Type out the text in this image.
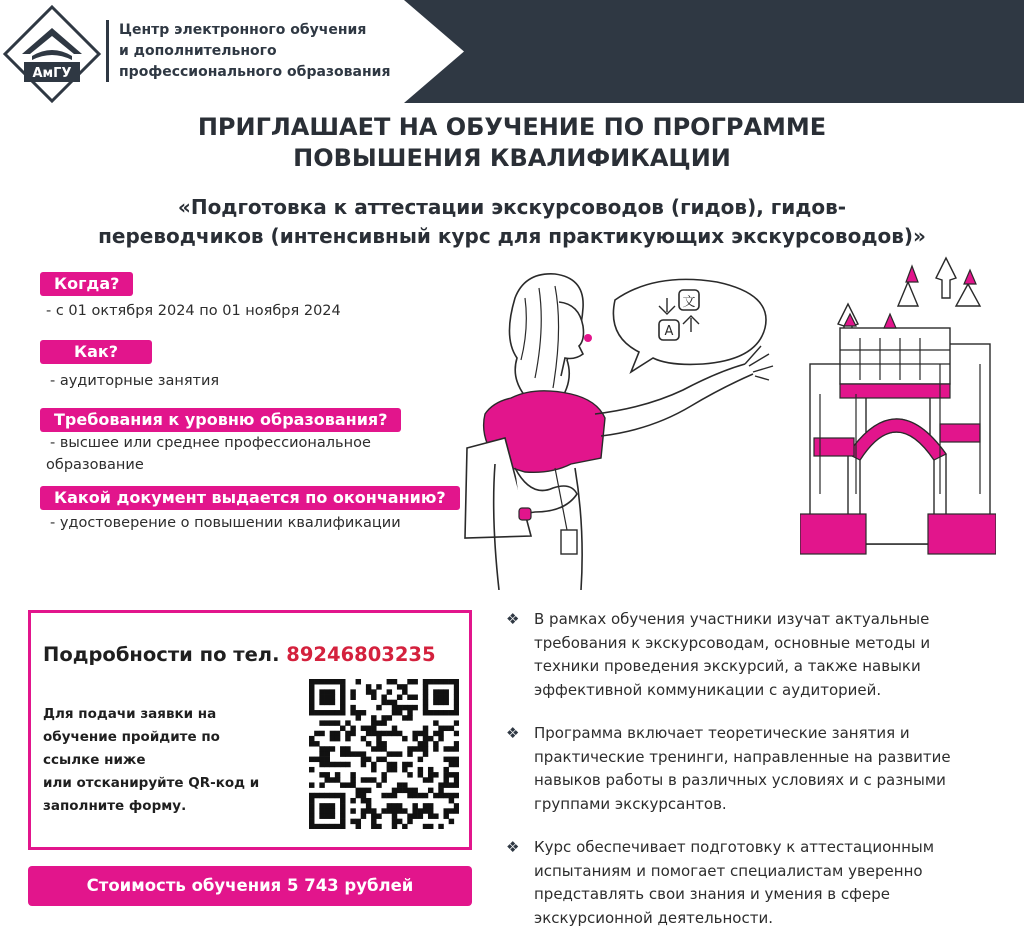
АмГУ
Центр электронного обучения
и дополнительного
профессионального образования
ПРИГЛАШАЕТ НА ОБУЧЕНИЕ ПО ПРОГРАММЕ
ПОВЫШЕНИЯ КВАЛИФИКАЦИИ
«Подготовка к аттестации экскурсоводов (гидов), гидов-
переводчиков (интенсивный курс для практикующих экскурсоводов)»
Когда?
- с 01 октября 2024 по 01 ноября 2024
Как?
- аудиторные занятия
Требования к уровню образования?
- высшее или среднее профессиональное
образование
Какой документ выдается по окончанию?
- удостоверение о повышении квалификации
文
A
Подробности по тел. 89246803235
Для подачи заявки на
обучение пройдите по
ссылке ниже
или отсканируйте QR-код и
заполните форму.
Стоимость обучения 5 743 рублей
❖ В рамках обучения участники изучат актуальные
требования к экскурсоводам, основные методы и
техники проведения экскурсий, а также навыки
эффективной коммуникации с аудиторией.
❖ Программа включает теоретические занятия и
практические тренинги, направленные на развитие
навыков работы в различных условиях и с разными
группами экскурсантов.
❖ Курс обеспечивает подготовку к аттестационным
испытаниям и помогает специалистам уверенно
представлять свои знания и умения в сфере
экскурсионной деятельности.
